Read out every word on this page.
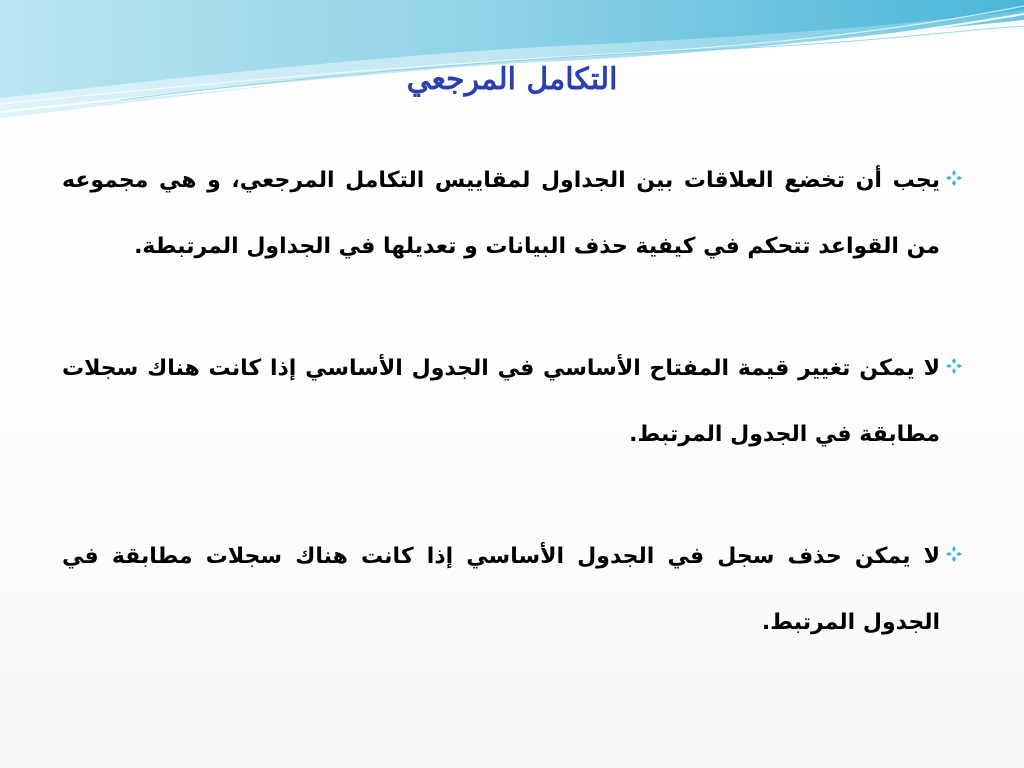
التكامل المرجعي
يجب أن تخضع العلاقات بين الجداول لمقاييس التكامل المرجعي، و هي مجموعه من القواعد تتحكم في كيفية حذف البيانات و تعديلها في الجداول المرتبطة.
لا يمكن تغيير قيمة المفتاح الأساسي في الجدول الأساسي إذا كانت هناك سجلات مطابقة في الجدول المرتبط.
لا يمكن حذف سجل في الجدول الأساسي إذا كانت هناك سجلات مطابقة في الجدول المرتبط.
